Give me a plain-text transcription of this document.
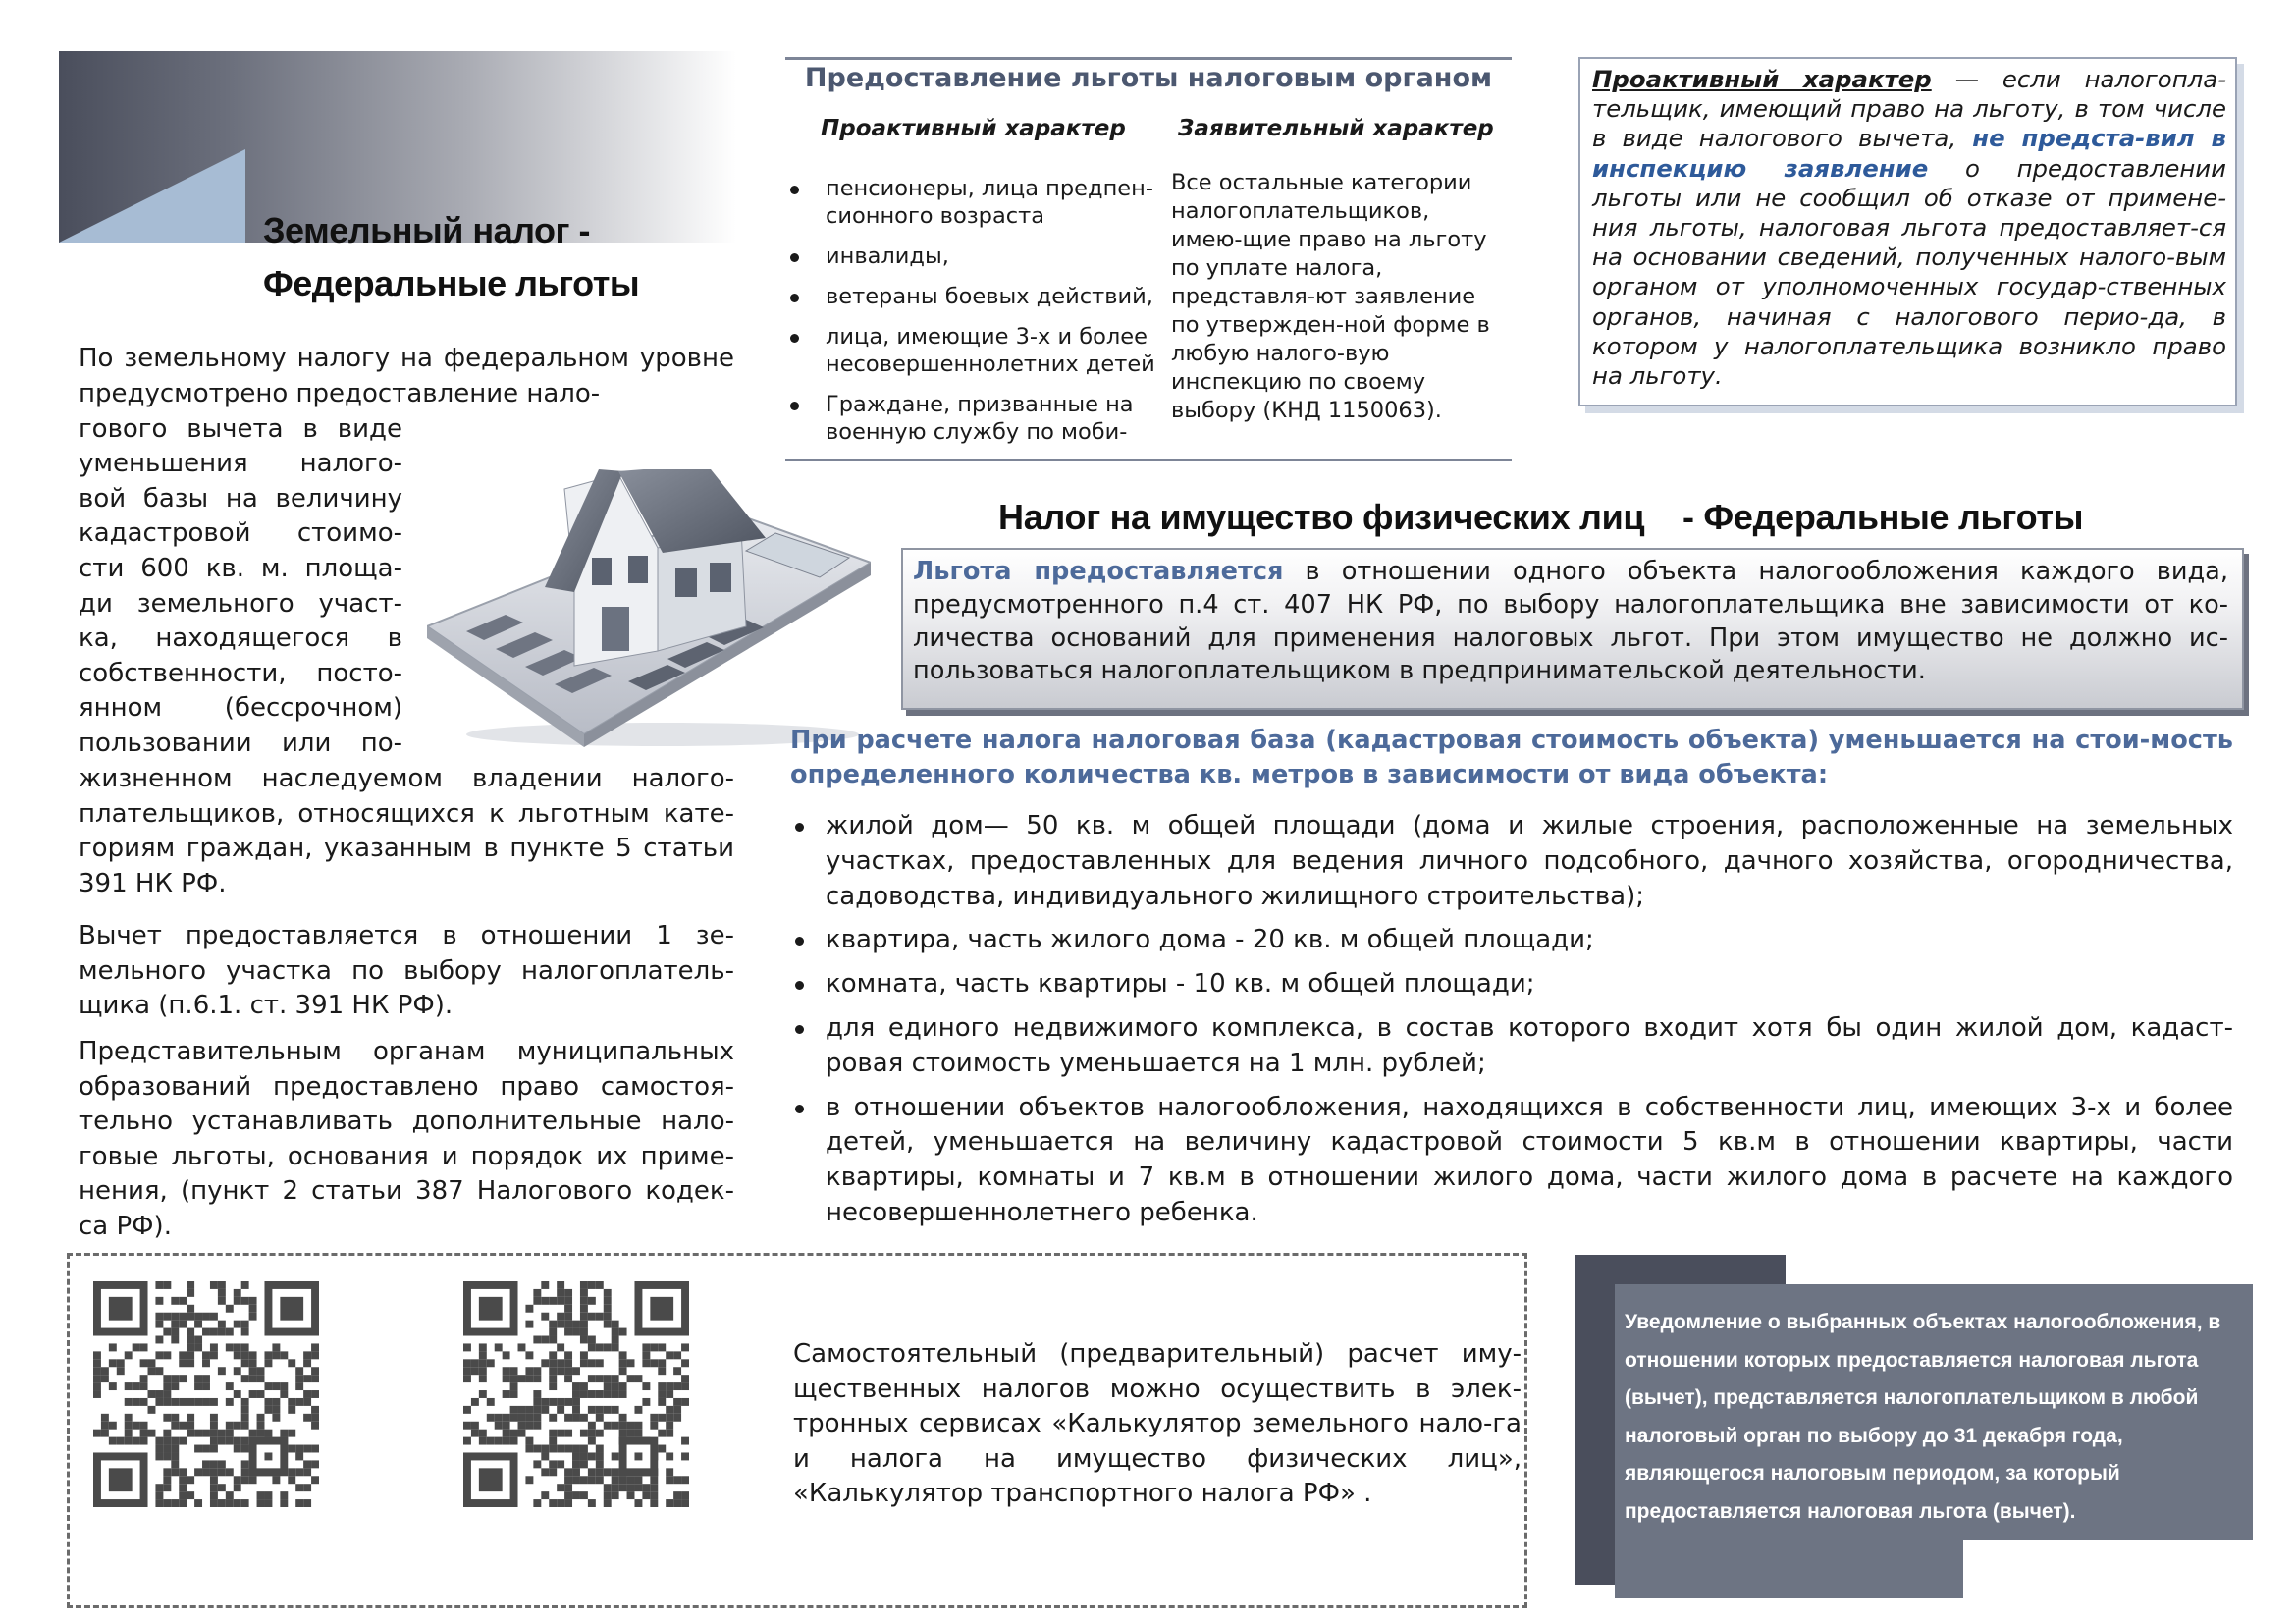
Земельный налог -
Федеральные льготы
По земельному налогу на федеральном уровне предусмотрено предоставление нало-
гового вычета в виде
уменьшения налого-
вой базы на величину
кадастровой стоимо-
сти 600 кв. м. площа-
ди земельного участ-
ка, находящегося в
собственности, посто-
янном (бессрочном)
пользовании или по-
жизненном наследуемом владении налого-плательщиков, относящихся к льготным кате-гориям граждан, указанным в пункте 5 статьи 391 НК РФ.
Вычет предоставляется в отношении 1 зе-мельного участка по выбору налогоплатель-щика (п.6.1. ст. 391 НК РФ).
Представительным органам муниципальных образований предоставлено право самостоя-тельно устанавливать дополнительные нало-говые льготы, основания и порядок их приме-нения, (пункт 2 статьи 387 Налогового кодек-са РФ).
Предоставление льготы налоговым органом
Проактивный характер Заявительный характер
пенсионеры, лица предпен-сионного возраста
инвалиды,
ветераны боевых действий,
лица, имеющие 3-х и более несовершеннолетних детей
Граждане, призванные на военную службу по моби-
Все остальные категории налогоплательщиков, имею-щие право на льготу по уплате налога, представля-ют заявление по утвержден-ной форме в любую налого-вую инспекцию по своему выбору (КНД 1150063).
Проактивный характер — если налогопла-тельщик, имеющий право на льготу, в том числе в виде налогового вычета, не предста-вил в инспекцию заявление о предоставлении льготы или не сообщил об отказе от примене-ния льготы, налоговая льгота предоставляет-ся на основании сведений, полученных налого-вым органом от уполномоченных государ-ственных органов, начиная с налогового перио-да, в котором у налогоплательщика возникло право на льготу.
Налог на имущество физических лиц    - Федеральные льготы
Льгота предоставляется в отношении одного объекта налогообложения каждого вида, предусмотренного п.4 ст. 407 НК РФ, по выбору налогоплательщика вне зависимости от ко-личества оснований для применения налоговых льгот. При этом имущество не должно ис-пользоваться налогоплательщиком в предпринимательской деятельности.
При расчете налога налоговая база (кадастровая стоимость объекта) уменьшается на стои-мость определенного количества кв. метров в зависимости от вида объекта:
жилой дом— 50 кв. м общей площади (дома и жилые строения, расположенные на земельных участках, предоставленных для ведения личного подсобного, дачного хозяйства, огородничества, садоводства, индивидуального жилищного строительства);
квартира, часть жилого дома - 20 кв. м общей площади;
комната, часть квартиры - 10 кв. м общей площади;
для единого недвижимого комплекса, в состав которого входит хотя бы один жилой дом, кадаст-ровая стоимость уменьшается на 1 млн. рублей;
в отношении объектов налогообложения, находящихся в собственности лиц, имеющих 3-х и более детей, уменьшается на величину кадастровой стоимости 5 кв.м в отношении квартиры, части квартиры, комнаты и 7 кв.м в отношении жилого дома, части жилого дома в расчете на каждого несовершеннолетнего ребенка.
Самостоятельный (предварительный) расчет иму-щественных налогов можно осуществить в элек-тронных сервисах «Калькулятор земельного нало-га и налога на имущество физических лиц», «Калькулятор транспортного налога РФ» .
Уведомление о выбранных объектах налогообложения, в отношении которых предоставляется налоговая льгота (вычет), представляется налогоплательщиком в любой налоговый орган по выбору до 31 декабря года, являющегося налоговым периодом, за который предоставляется налоговая льгота (вычет).
